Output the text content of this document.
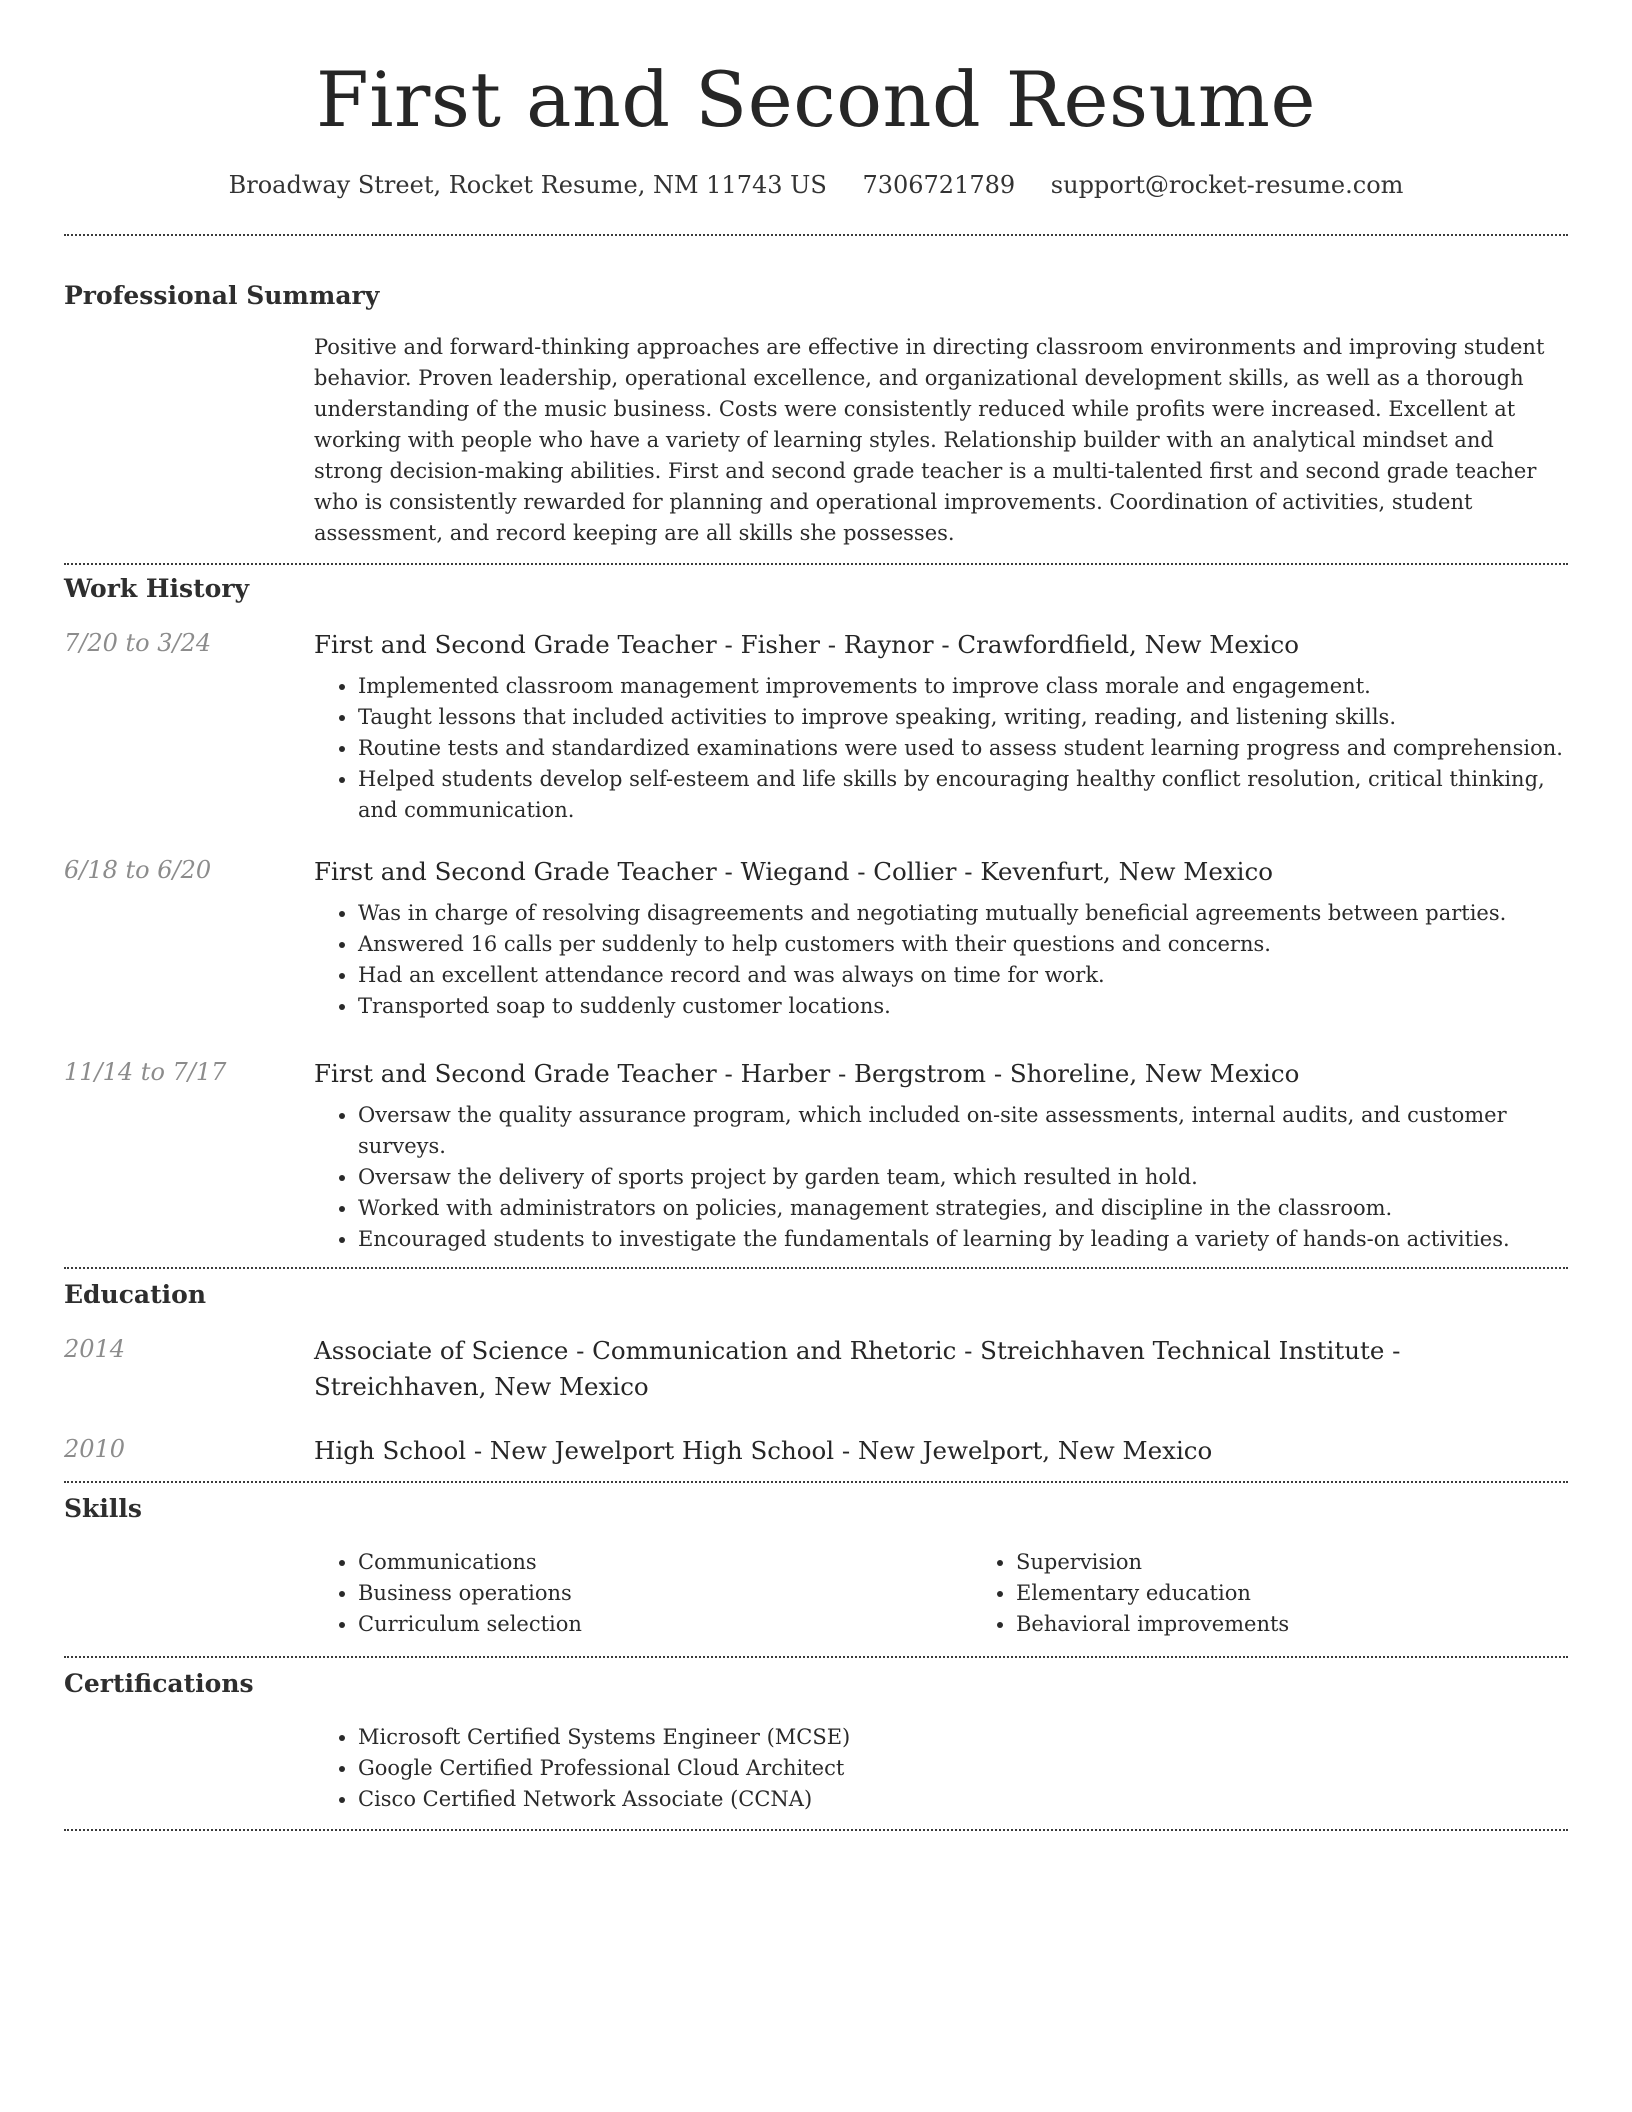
First and Second Resume
Broadway Street, Rocket Resume, NM 11743 US 7306721789 support@rocket-resume.com
Professional Summary
Positive and forward-thinking approaches are effective in directing classroom environments and improving student behavior. Proven leadership, operational excellence, and organizational development skills, as well as a thorough understanding of the music business. Costs were consistently reduced while profits were increased. Excellent at working with people who have a variety of learning styles. Relationship builder with an analytical mindset and strong decision-making abilities. First and second grade teacher is a multi-talented first and second grade teacher who is consistently rewarded for planning and operational improvements. Coordination of activities, student assessment, and record keeping are all skills she possesses.
Work History
7/20 to 3/24	First and Second Grade Teacher - Fisher - Raynor - Crawfordfield, New Mexico
• Implemented classroom management improvements to improve class morale and engagement.
• Taught lessons that included activities to improve speaking, writing, reading, and listening skills.
• Routine tests and standardized examinations were used to assess student learning progress and comprehension.
• Helped students develop self-esteem and life skills by encouraging healthy conflict resolution, critical thinking, and communication.
6/18 to 6/20	First and Second Grade Teacher - Wiegand - Collier - Kevenfurt, New Mexico
• Was in charge of resolving disagreements and negotiating mutually beneficial agreements between parties.
• Answered 16 calls per suddenly to help customers with their questions and concerns.
• Had an excellent attendance record and was always on time for work.
• Transported soap to suddenly customer locations.
11/14 to 7/17	First and Second Grade Teacher - Harber - Bergstrom - Shoreline, New Mexico
• Oversaw the quality assurance program, which included on-site assessments, internal audits, and customer surveys.
• Oversaw the delivery of sports project by garden team, which resulted in hold.
• Worked with administrators on policies, management strategies, and discipline in the classroom.
• Encouraged students to investigate the fundamentals of learning by leading a variety of hands-on activities.
Education
2014	Associate of Science - Communication and Rhetoric - Streichhaven Technical Institute - Streichhaven, New Mexico
2010	High School - New Jewelport High School - New Jewelport, New Mexico
Skills
• Communications
• Business operations
• Curriculum selection
• Supervision
• Elementary education
• Behavioral improvements
Certifications
• Microsoft Certified Systems Engineer (MCSE)
• Google Certified Professional Cloud Architect
• Cisco Certified Network Associate (CCNA)
